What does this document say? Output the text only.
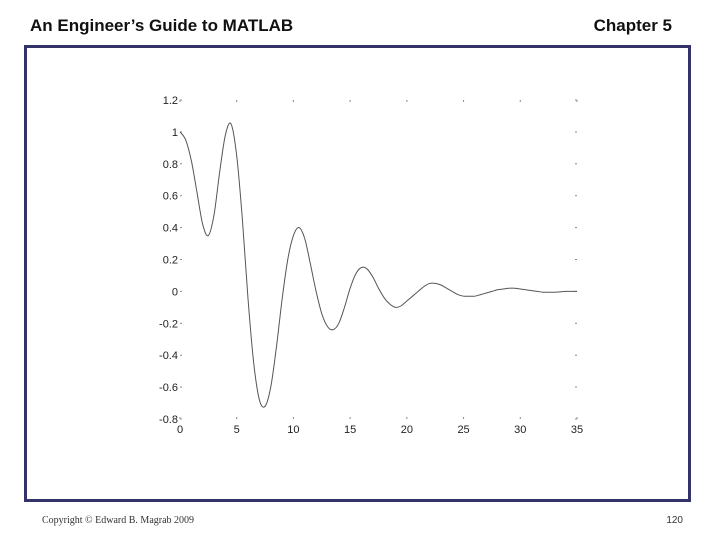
An Engineer’s Guide to MATLAB	Chapter 5
1.2
1
0.8
0.6
0.4
0.2
0
-0.2
-0.4
-0.6
-0.8
0	5	10	15	20	25	30	35
Copyright © Edward B. Magrab 2009	120
